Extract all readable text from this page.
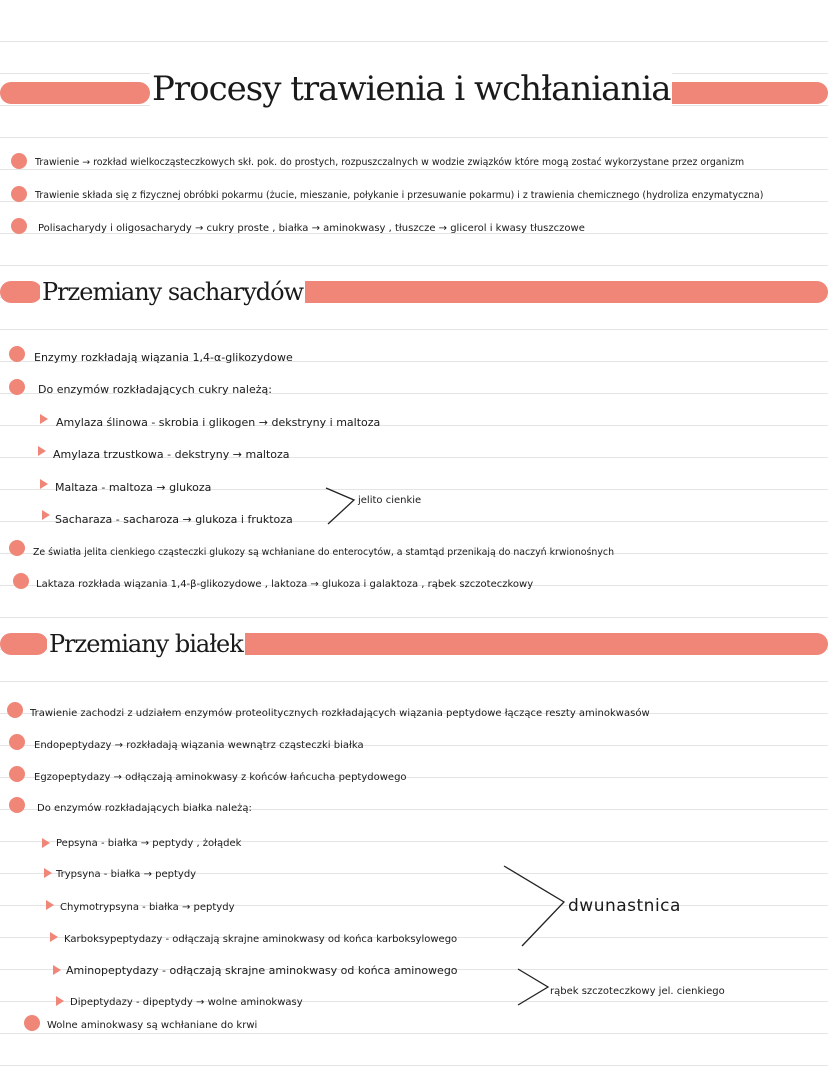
Procesy trawienia i wchłaniania
Trawienie → rozkład wielkocząsteczkowych skł. pok. do prostych, rozpuszczalnych w wodzie związków które mogą zostać wykorzystane przez organizm
Trawienie składa się z fizycznej obróbki pokarmu (żucie, mieszanie, połykanie i przesuwanie pokarmu) i z trawienia chemicznego (hydroliza enzymatyczna)
Polisacharydy i oligosacharydy → cukry proste , białka → aminokwasy , tłuszcze → glicerol i kwasy tłuszczowe
Przemiany sacharydów
Enzymy rozkładają wiązania 1,4-α-glikozydowe
Do enzymów rozkładających cukry należą:
Amylaza ślinowa - skrobia i glikogen → dekstryny i maltoza
Amylaza trzustkowa - dekstryny → maltoza
Maltaza - maltoza → glukoza
Sacharaza - sacharoza → glukoza i fruktoza
jelito cienkie
Ze światła jelita cienkiego cząsteczki glukozy są wchłaniane do enterocytów, a stamtąd przenikają do naczyń krwionośnych
Laktaza rozkłada wiązania 1,4-β-glikozydowe , laktoza → glukoza i galaktoza , rąbek szczoteczkowy
Przemiany białek
Trawienie zachodzi z udziałem enzymów proteolitycznych rozkładających wiązania peptydowe łączące reszty aminokwasów
Endopeptydazy → rozkładają wiązania wewnątrz cząsteczki białka
Egzopeptydazy → odłączają aminokwasy z końców łańcucha peptydowego
Do enzymów rozkładających białka należą:
Pepsyna - białka → peptydy , żołądek
Trypsyna - białka → peptydy
Chymotrypsyna - białka → peptydy
Karboksypeptydazy - odłączają skrajne aminokwasy od końca karboksylowego
Aminopeptydazy - odłączają skrajne aminokwasy od końca aminowego
Dipeptydazy - dipeptydy → wolne aminokwasy
dwunastnica
rąbek szczoteczkowy jel. cienkiego
Wolne aminokwasy są wchłaniane do krwi
